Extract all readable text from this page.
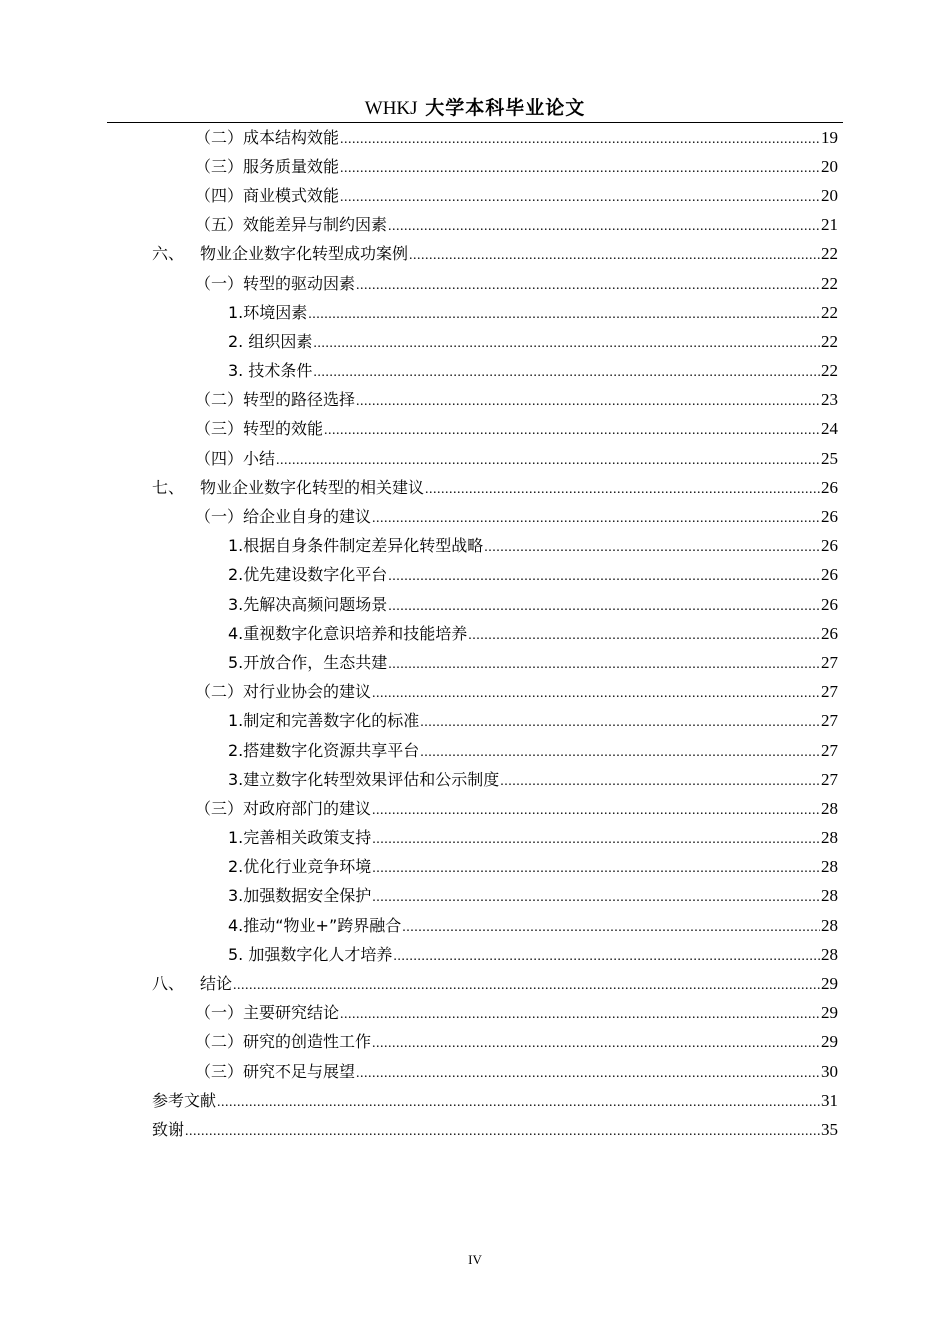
WHKJ 大学本科毕业论文
（二）成本结构效能 .....	19
（三）服务质量效能 .....	20
（四）商业模式效能 .....	20
（五）效能差异与制约因素 .....	21
六、 物业企业数字化转型成功案例 .....	22
（一）转型的驱动因素 .....	22
1.环境因素 .....	22
2. 组织因素 .....	22
3. 技术条件 .....	22
（二）转型的路径选择 .....	23
（三）转型的效能 .....	24
（四）小结 .....	25
七、 物业企业数字化转型的相关建议 .....	26
（一）给企业自身的建议 .....	26
1.根据自身条件制定差异化转型战略 .....	26
2.优先建设数字化平台 .....	26
3.先解决高频问题场景 .....	26
4.重视数字化意识培养和技能培养 .....	26
5.开放合作，生态共建 .....	27
（二）对行业协会的建议 .....	27
1.制定和完善数字化的标准 .....	27
2.搭建数字化资源共享平台 .....	27
3.建立数字化转型效果评估和公示制度 .....	27
（三）对政府部门的建议 .....	28
1.完善相关政策支持 .....	28
2.优化行业竞争环境 .....	28
3.加强数据安全保护 .....	28
4.推动“物业+”跨界融合 .....	28
5. 加强数字化人才培养 .....	28
八、 结论 .....	29
（一）主要研究结论 .....	29
（二）研究的创造性工作 .....	29
（三）研究不足与展望 .....	30
参考文献 .....	31
致谢 .....	35
IV
